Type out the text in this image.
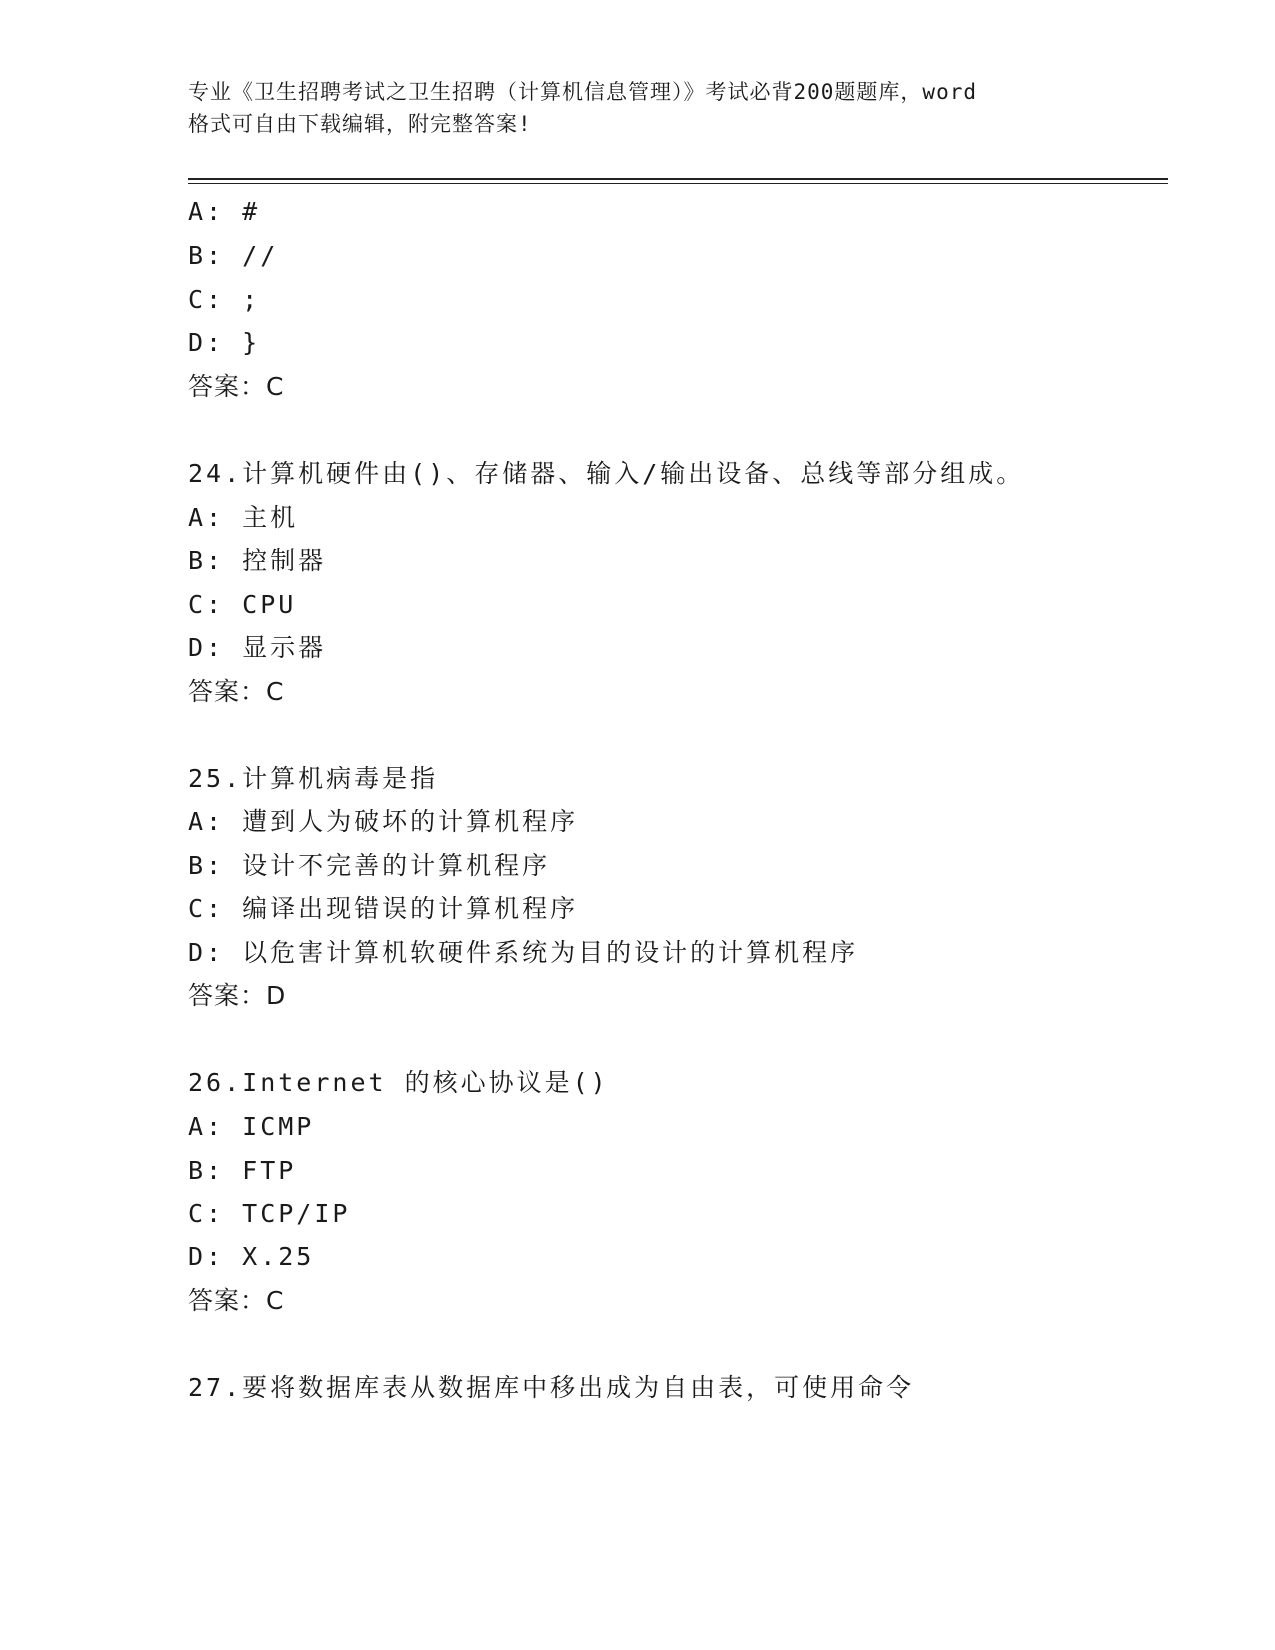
专业《卫生招聘考试之卫生招聘（计算机信息管理）》考试必背200题题库，word
格式可自由下载编辑，附完整答案!
A: #
B: //
C: ;
D: }
答案：C
24.计算机硬件由()、存储器、输入/输出设备、总线等部分组成。
A: 主机
B: 控制器
C: CPU
D: 显示器
答案：C
25.计算机病毒是指
A: 遭到人为破坏的计算机程序
B: 设计不完善的计算机程序
C: 编译出现错误的计算机程序
D: 以危害计算机软硬件系统为目的设计的计算机程序
答案：D
26.Internet 的核心协议是()
A: ICMP
B: FTP
C: TCP/IP
D: X.25
答案：C
27.要将数据库表从数据库中移出成为自由表，可使用命令
